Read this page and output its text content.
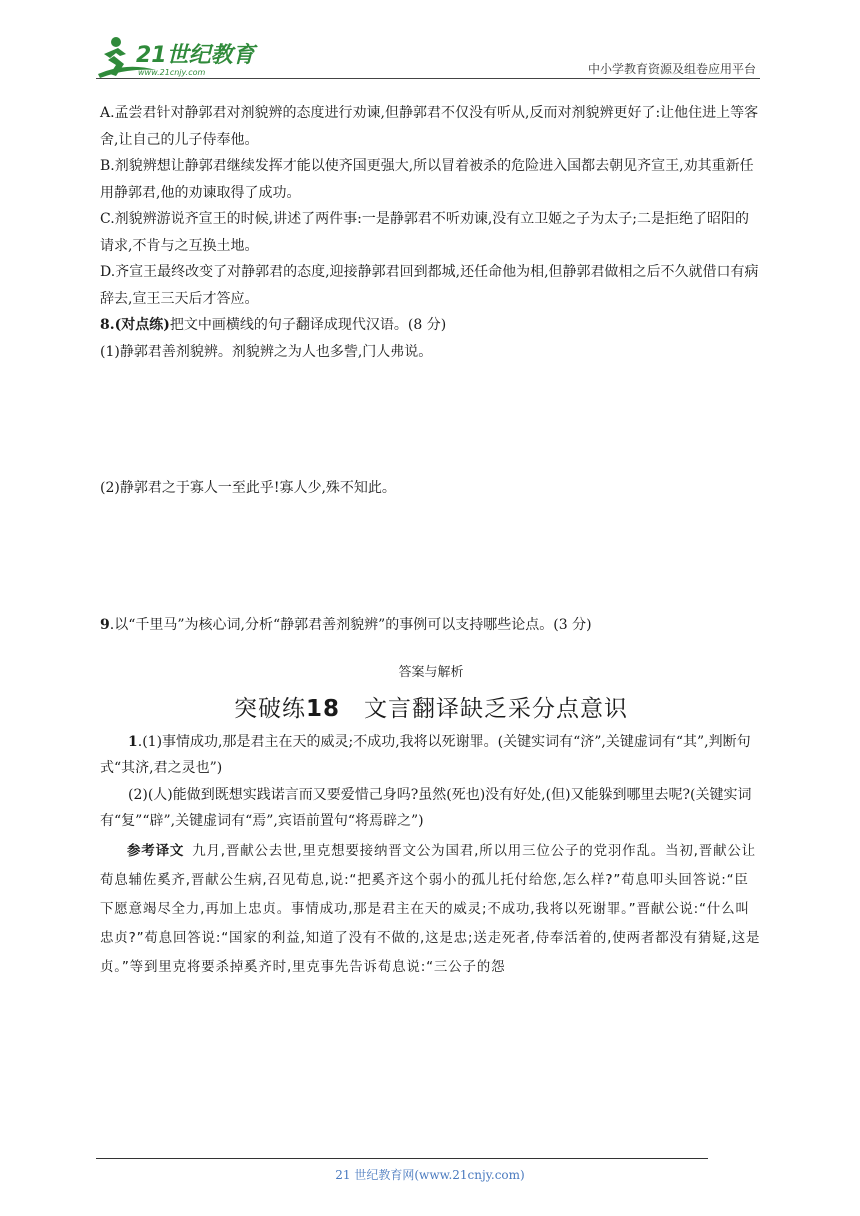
21世纪教育
www.21cnjy.com	中小学教育资源及组卷应用平台

A.孟尝君针对静郭君对剂貌辨的态度进行劝谏,但静郭君不仅没有听从,反而对剂貌辨更好了:让他住进上等客舍,让自己的儿子侍奉他。

B.剂貌辨想让静郭君继续发挥才能以使齐国更强大,所以冒着被杀的危险进入国都去朝见齐宣王,劝其重新任用静郭君,他的劝谏取得了成功。

C.剂貌辨游说齐宣王的时候,讲述了两件事:一是静郭君不听劝谏,没有立卫姬之子为太子;二是拒绝了昭阳的请求,不肯与之互换土地。

D.齐宣王最终改变了对静郭君的态度,迎接静郭君回到都城,还任命他为相,但静郭君做相之后不久就借口有病辞去,宣王三天后才答应。

8.(对点练)把文中画横线的句子翻译成现代汉语。(8 分)

(1)静郭君善剂貌辨。剂貌辨之为人也多訾,门人弗说。

(2)静郭君之于寡人一至此乎!寡人少,殊不知此。

9.以“千里马”为核心词,分析“静郭君善剂貌辨”的事例可以支持哪些论点。(3 分)

答案与解析
突破练18 文言翻译缺乏采分点意识

1.(1)事情成功,那是君主在天的威灵;不成功,我将以死谢罪。(关键实词有“济”,关键虚词有“其”,判断句式“其济,君之灵也”)

(2)(人)能做到既想实践诺言而又要爱惜己身吗?虽然(死也)没有好处,(但)又能躲到哪里去呢?(关键实词有“复”“辟”,关键虚词有“焉”,宾语前置句“将焉辟之”)

参考译文 九月,晋献公去世,里克想要接纳晋文公为国君,所以用三位公子的党羽作乱。当初,晋献公让荀息辅佐奚齐,晋献公生病,召见荀息,说:“把奚齐这个弱小的孤儿托付给您,怎么样?”荀息叩头回答说:“臣下愿意竭尽全力,再加上忠贞。事情成功,那是君主在天的威灵;不成功,我将以死谢罪。”晋献公说:“什么叫忠贞?”荀息回答说:“国家的利益,知道了没有不做的,这是忠;送走死者,侍奉活着的,使两者都没有猜疑,这是贞。”等到里克将要杀掉奚齐时,里克事先告诉荀息说:“三公子的怨

21 世纪教育网(www.21cnjy.com)
